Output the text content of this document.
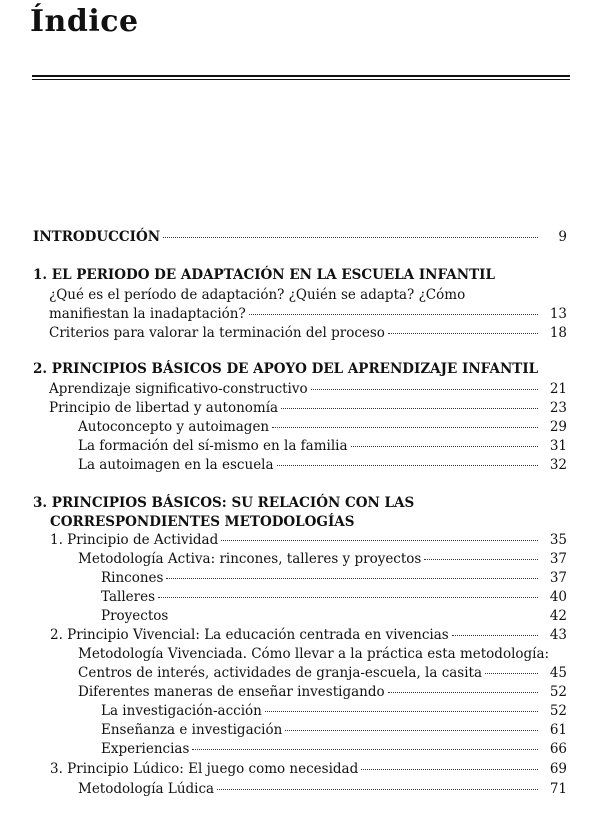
Índice
INTRODUCCIÓN	9
1. EL PERIODO DE ADAPTACIÓN EN LA ESCUELA INFANTIL
¿Qué es el período de adaptación? ¿Quién se adapta? ¿Cómo
manifiestan la inadaptación?	13
Criterios para valorar la terminación del proceso	18
2. PRINCIPIOS BÁSICOS DE APOYO DEL APRENDIZAJE INFANTIL
Aprendizaje significativo-constructivo	21
Principio de libertad y autonomía	23
Autoconcepto y autoimagen	29
La formación del sí-mismo en la familia	31
La autoimagen en la escuela	32
3. PRINCIPIOS BÁSICOS: SU RELACIÓN CON LAS
CORRESPONDIENTES METODOLOGÍAS
1. Principio de Actividad	35
Metodología Activa: rincones, talleres y proyectos	37
Rincones	37
Talleres	40
Proyectos	42
2. Principio Vivencial: La educación centrada en vivencias	43
Metodología Vivenciada. Cómo llevar a la práctica esta metodología:
Centros de interés, actividades de granja-escuela, la casita	45
Diferentes maneras de enseñar investigando	52
La investigación-acción	52
Enseñanza e investigación	61
Experiencias	66
3. Principio Lúdico: El juego como necesidad	69
Metodología Lúdica	71
